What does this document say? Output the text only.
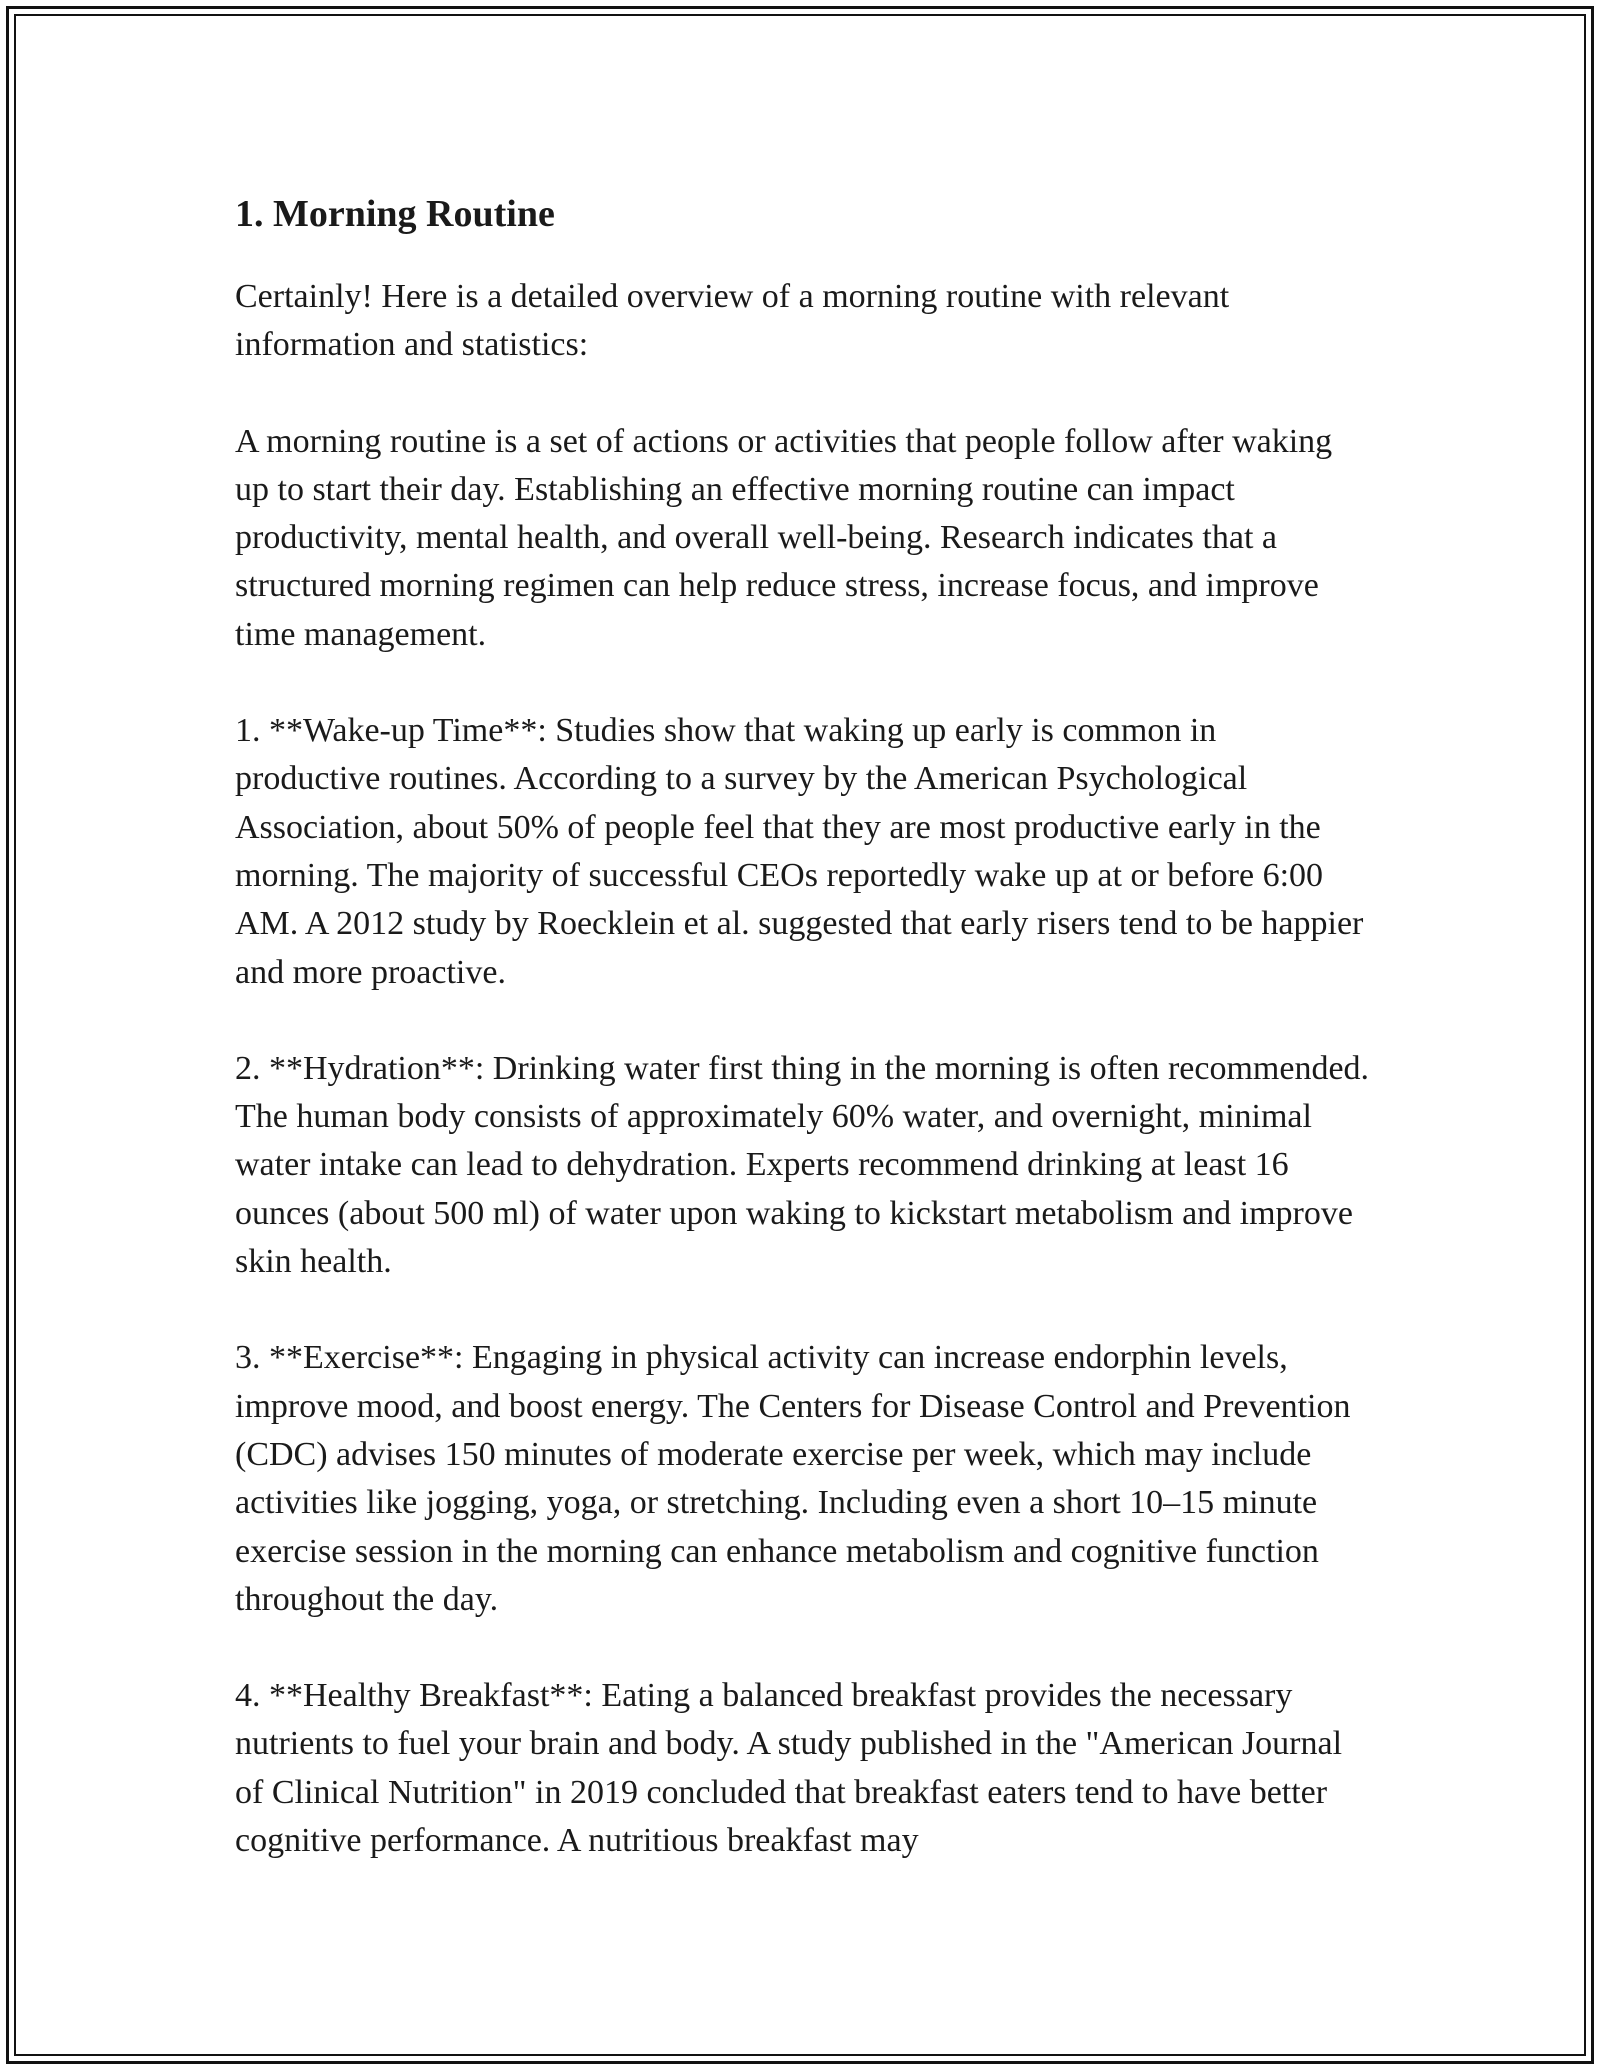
1. Morning Routine

Certainly! Here is a detailed overview of a morning routine with relevant information and statistics:

A morning routine is a set of actions or activities that people follow after waking up to start their day. Establishing an effective morning routine can impact productivity, mental health, and overall well-being. Research indicates that a structured morning regimen can help reduce stress, increase focus, and improve time management.

1. **Wake-up Time**: Studies show that waking up early is common in productive routines. According to a survey by the American Psychological Association, about 50% of people feel that they are most productive early in the morning. The majority of successful CEOs reportedly wake up at or before 6:00 AM. A 2012 study by Roecklein et al. suggested that early risers tend to be happier and more proactive.

2. **Hydration**: Drinking water first thing in the morning is often recommended. The human body consists of approximately 60% water, and overnight, minimal water intake can lead to dehydration. Experts recommend drinking at least 16 ounces (about 500 ml) of water upon waking to kickstart metabolism and improve skin health.

3. **Exercise**: Engaging in physical activity can increase endorphin levels, improve mood, and boost energy. The Centers for Disease Control and Prevention (CDC) advises 150 minutes of moderate exercise per week, which may include activities like jogging, yoga, or stretching. Including even a short 10–15 minute exercise session in the morning can enhance metabolism and cognitive function throughout the day.

4. **Healthy Breakfast**: Eating a balanced breakfast provides the necessary nutrients to fuel your brain and body. A study published in the "American Journal of Clinical Nutrition" in 2019 concluded that breakfast eaters tend to have better cognitive performance. A nutritious breakfast may
